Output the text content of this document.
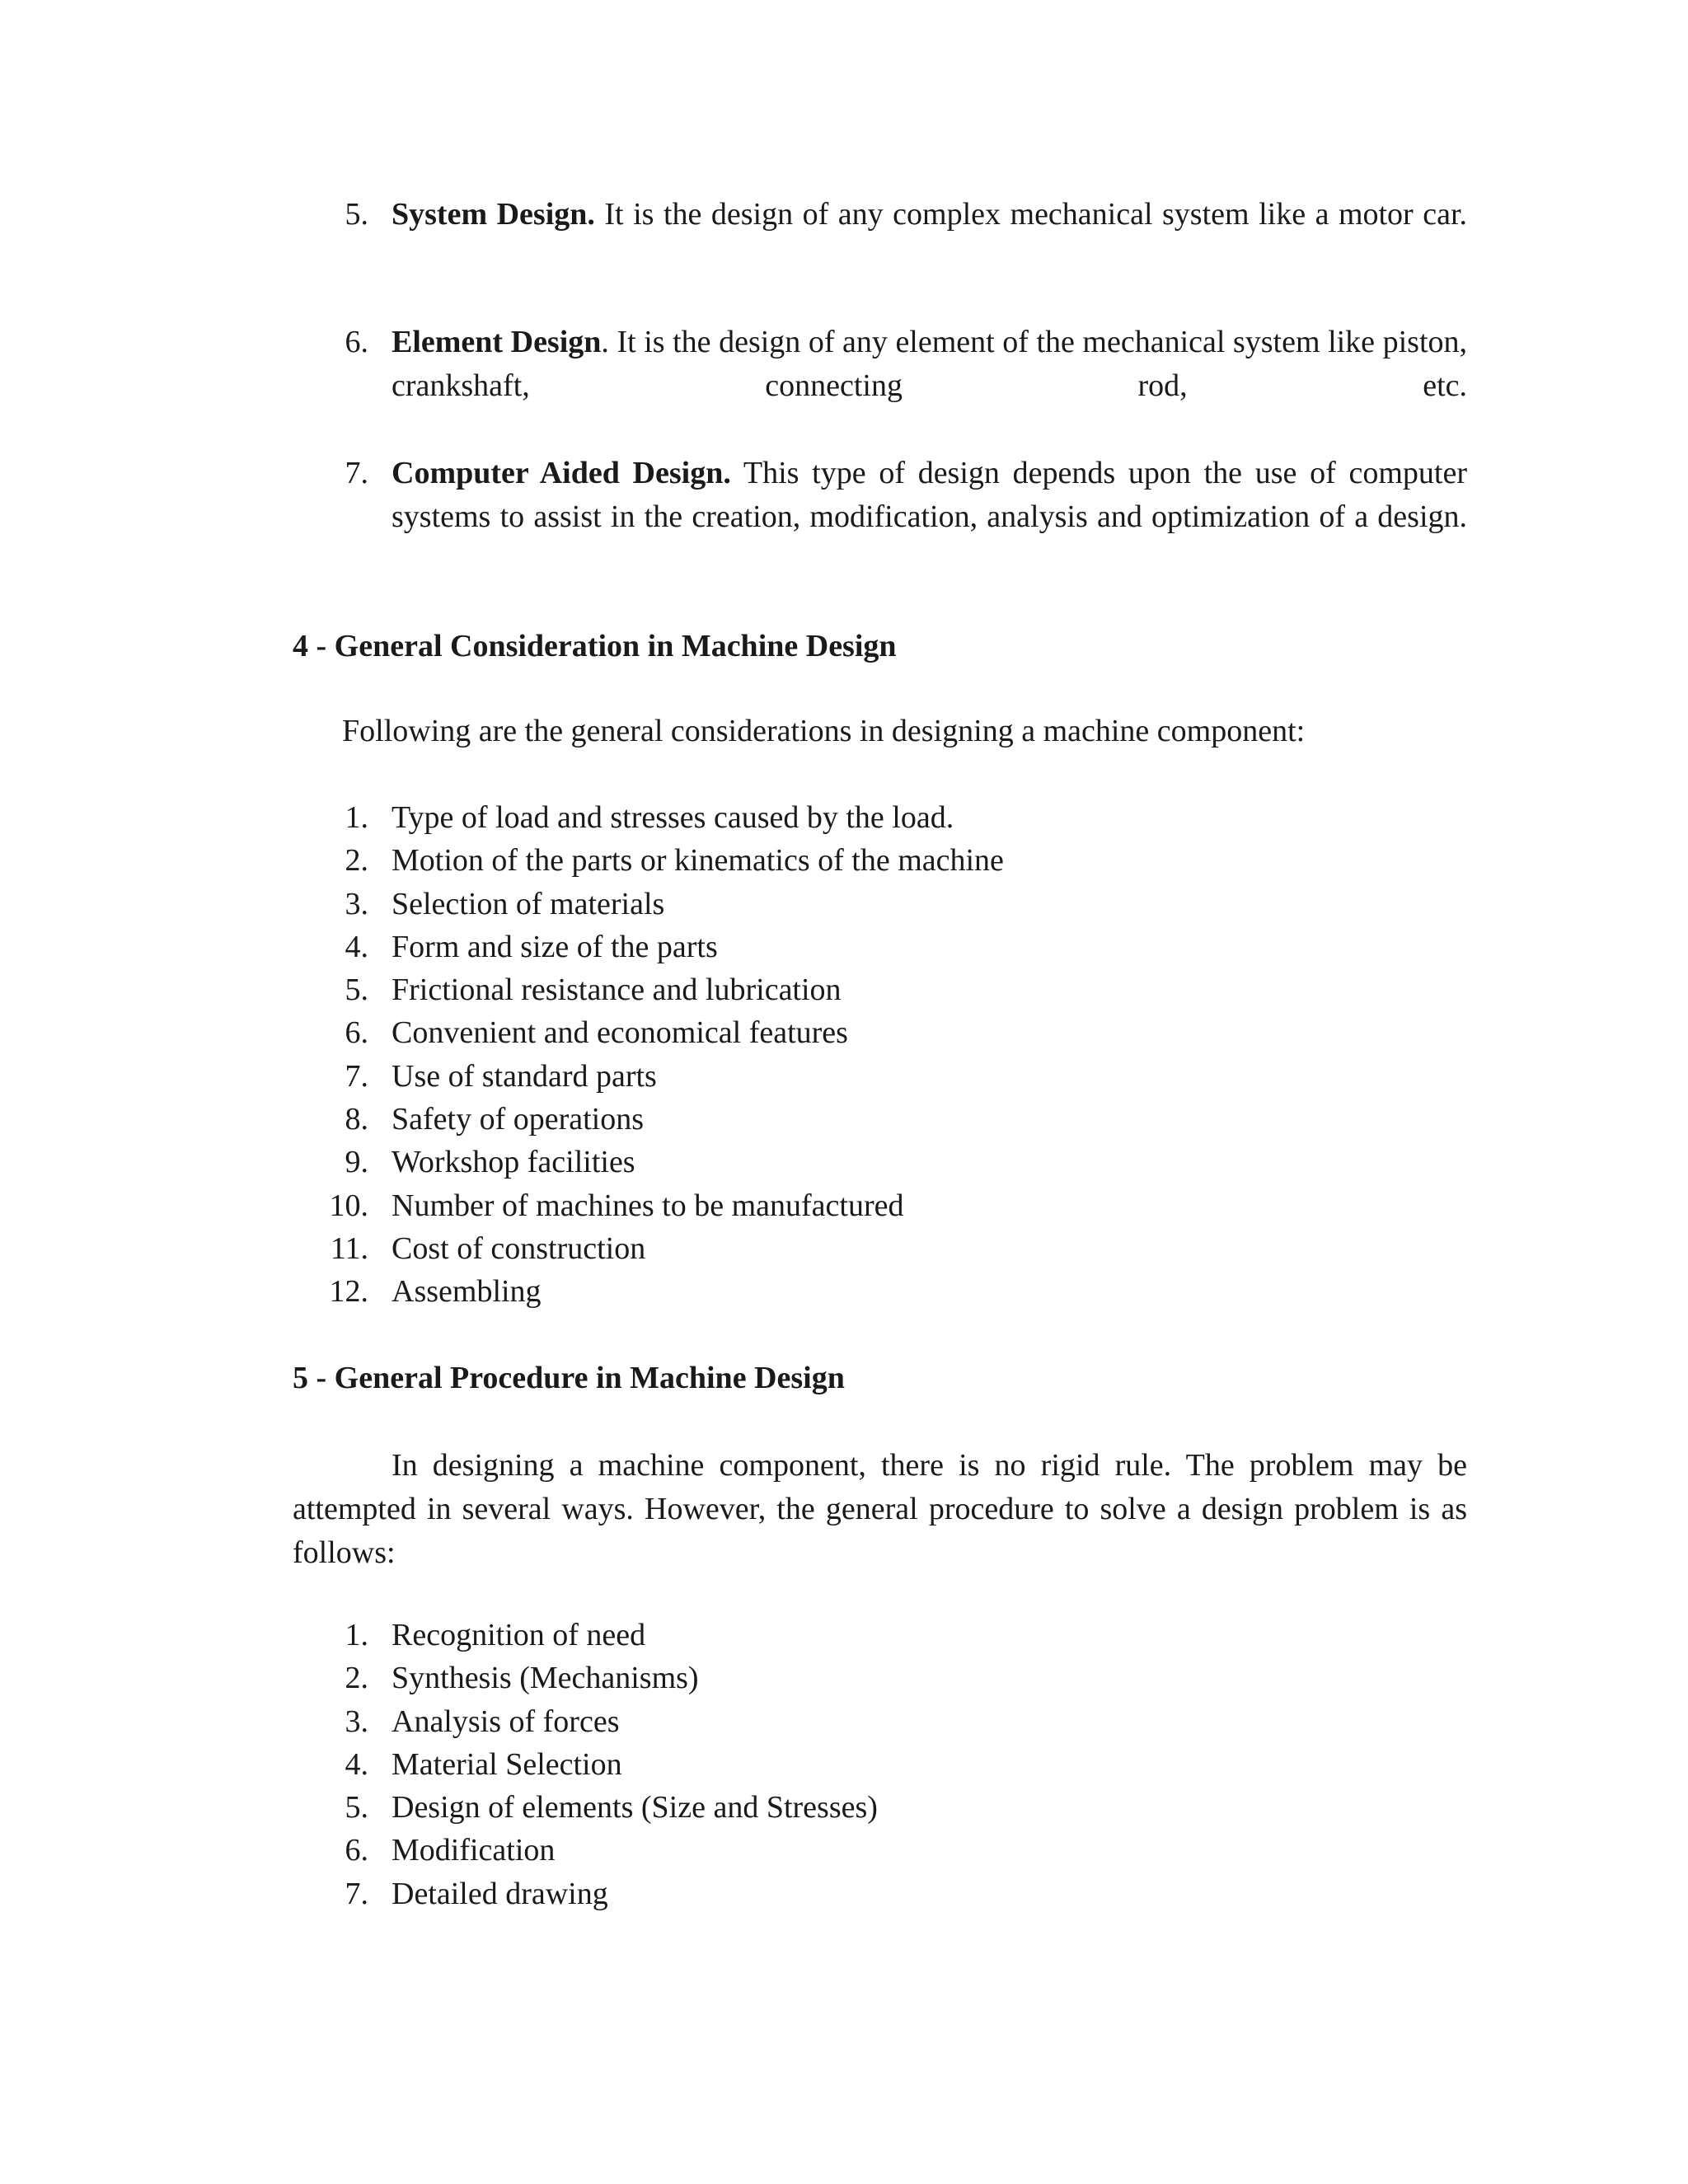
5. System Design. It is the design of any complex mechanical system like a motor car.
6. Element Design. It is the design of any element of the mechanical system like piston, crankshaft, connecting rod, etc.
7. Computer Aided Design. This type of design depends upon the use of computer systems to assist in the creation, modification, analysis and optimization of a design.
4 - General Consideration in Machine Design
Following are the general considerations in designing a machine component:
1. Type of load and stresses caused by the load.
2. Motion of the parts or kinematics of the machine
3. Selection of materials
4. Form and size of the parts
5. Frictional resistance and lubrication
6. Convenient and economical features
7. Use of standard parts
8. Safety of operations
9. Workshop facilities
10. Number of machines to be manufactured
11. Cost of construction
12. Assembling
5 - General Procedure in Machine Design
In designing a machine component, there is no rigid rule. The problem may be attempted in several ways. However, the general procedure to solve a design problem is as follows:
1. Recognition of need
2. Synthesis (Mechanisms)
3. Analysis of forces
4. Material Selection
5. Design of elements (Size and Stresses)
6. Modification
7. Detailed drawing
